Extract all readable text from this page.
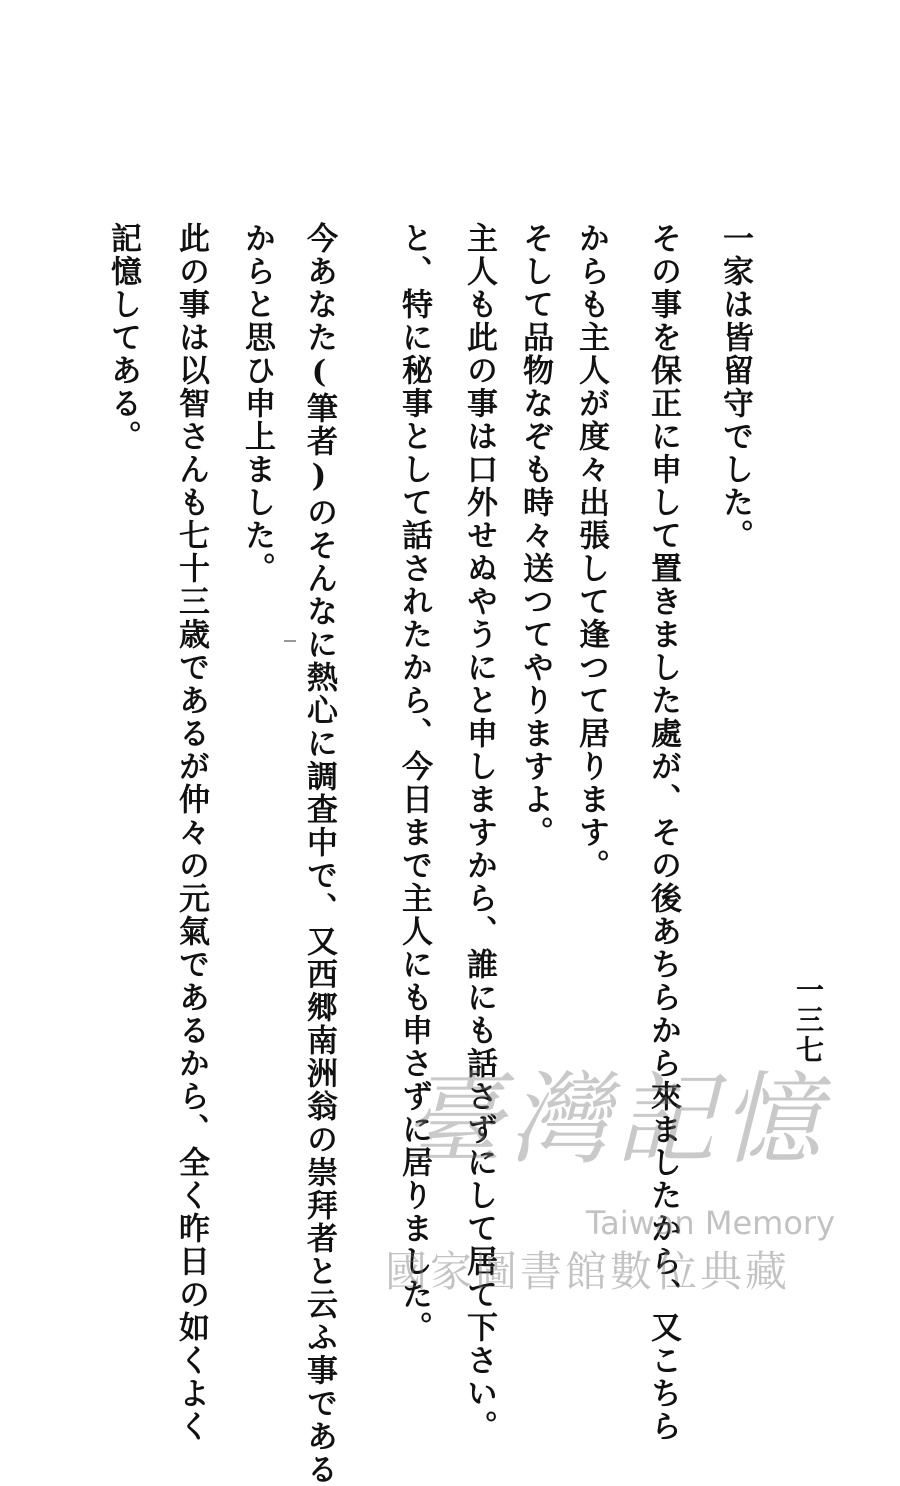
一家は皆留守でした。
その事を保正に申して置きました處が、その後あちらから來ましたから、又こちら
からも主人が度々出張して逢つて居ります。
そして品物なぞも時々送つてやりますよ。
主人も此の事は口外せぬやうにと申しますから、誰にも話さずにして居て下さい。
と、特に秘事として話されたから、今日まで主人にも申さずに居りました。
今あなた(筆者)のそんなに熱心に調査中で、又西郷南洲翁の崇拜者と云ふ事である
からと思ひ申上ました。
此の事は以智さんも七十三歳であるが仲々の元氣であるから、全く昨日の如くよく
記憶してある。
一三七
臺灣記憶
Taiwan Memory
國家圖書館數位典藏
